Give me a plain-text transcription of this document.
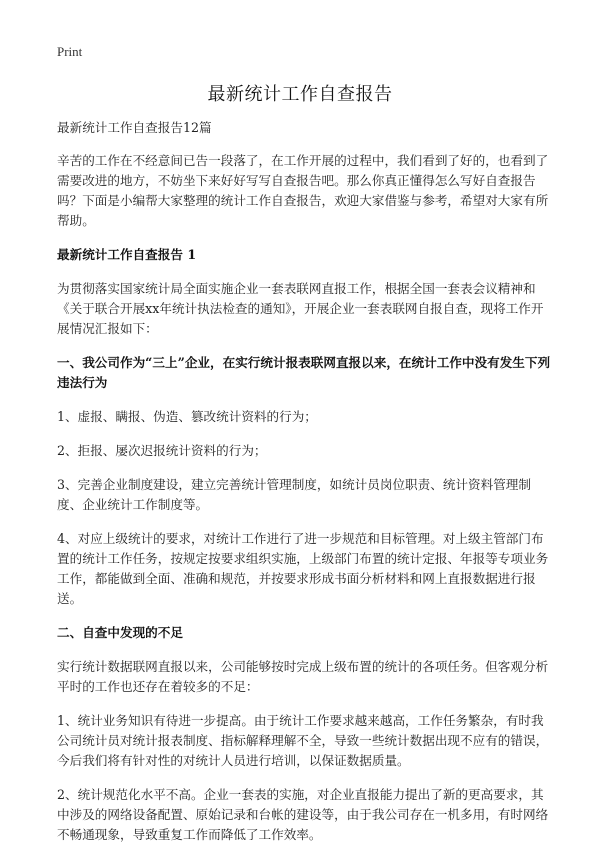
Print
最新统计工作自查报告
最新统计工作自查报告12篇
辛苦的工作在不经意间已告一段落了，在工作开展的过程中，我们看到了好的，也看到了需要改进的地方，不妨坐下来好好写写自查报告吧。那么你真正懂得怎么写好自查报告吗？下面是小编帮大家整理的统计工作自查报告，欢迎大家借鉴与参考，希望对大家有所帮助。
最新统计工作自查报告 1
为贯彻落实国家统计局全面实施企业一套表联网直报工作，根据全国一套表会议精神和《关于联合开展xx年统计执法检查的通知》，开展企业一套表联网自报自查，现将工作开展情况汇报如下：
一、我公司作为“三上”企业，在实行统计报表联网直报以来，在统计工作中没有发生下列违法行为
1、虚报、瞒报、伪造、篡改统计资料的行为；
2、拒报、屡次迟报统计资料的行为；
3、完善企业制度建设，建立完善统计管理制度，如统计员岗位职责、统计资料管理制度、企业统计工作制度等。
4、对应上级统计的要求，对统计工作进行了进一步规范和目标管理。对上级主管部门布置的统计工作任务，按规定按要求组织实施，上级部门布置的统计定报、年报等专项业务工作，都能做到全面、准确和规范，并按要求形成书面分析材料和网上直报数据进行报送。
二、自查中发现的不足
实行统计数据联网直报以来，公司能够按时完成上级布置的统计的各项任务。但客观分析平时的工作也还存在着较多的不足：
1、统计业务知识有待进一步提高。由于统计工作要求越来越高，工作任务繁杂，有时我公司统计员对统计报表制度、指标解释理解不全，导致一些统计数据出现不应有的错误，今后我们将有针对性的对统计人员进行培训，以保证数据质量。
2、统计规范化水平不高。企业一套表的实施，对企业直报能力提出了新的更高要求，其中涉及的网络设备配置、原始记录和台帐的建设等，由于我公司存在一机多用，有时网络不畅通现象，导致重复工作而降低了工作效率。
